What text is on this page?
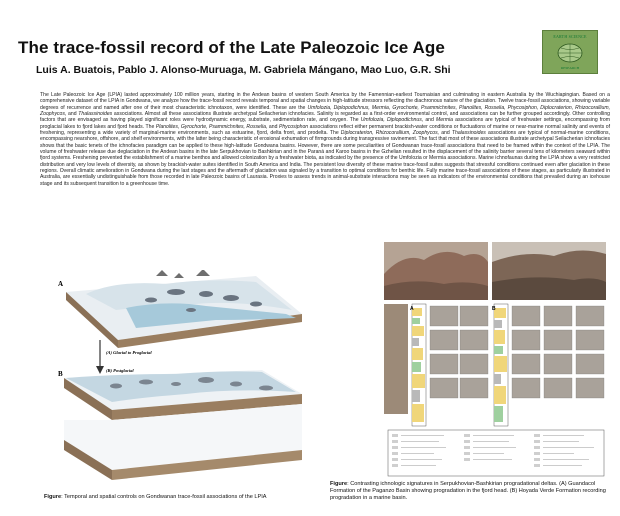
The trace-fossil record of the Late Paleozoic Ice Age
Luis A. Buatois, Pablo J. Alonso-Muruaga, M. Gabriela Mángano, Mao Luo, G.R. Shi
EARTH SCIENCE
RESEARCH
The Late Paleozoic Ice Age (LPIA) lasted approximately 100 million years, starting in the Andean basins of western South America by the Famennian-earliest Tournaisian and culminating in eastern Australia by the Wuchiapingian. Based on a comprehensive dataset of the LPIA in Gondwana, we analyze how the trace-fossil record reveals temporal and spatial changes in high-latitude stressors reflecting the diachronous nature of the glaciation. Twelve trace-fossil associations, showing variable degrees of recurrence and named after one of their most characteristic ichnotaxon, were identified. These are the Umfolozia, Diplopodichnus, Mermia, Gyrochorte, Psammichnites, Planolites, Rosselia, Phycosiphon, Diplocraterion, Rhizocorallium, Zoophycos, and Thalassinoides associations. Almost all these associations illustrate archetypal Seilacherian ichnofacies. Salinity is regarded as a first-order environmental control, and associations can be further grouped accordingly. Other controlling factors that are envisaged as having played significant roles were hydrodynamic energy, substrate, sedimentation rate, and oxygen. The Umfolozia, Diplopodichnus, and Mermia associations are typical of freshwater settings, encompassing from proglacial lakes to fjord lakes and fjord heads. The Planolites, Gyrochorte, Psammichnites, Rosselia, and Phycosiphon associations reflect either permanent brackish-water conditions or fluctuations of marine or near-marine normal salinity and events of freshening, representing a wide variety of marginal-marine environments, such as estuarine, fjord, delta front, and prodelta. The Diplocraterion, Rhizocorallium, Zoophycos, and Thalassinoides associations are typical of normal-marine conditions, encompassing nearshore, offshore, and shelf environments, with the latter being characteristic of erosional exhumation of firmgrounds during transgressive ravinement. The fact that most of these associations illustrate archetypal Seilacherian ichnofacies shows that the basic tenets of the ichnofacies paradigm can be applied to these high-latitude Gondwana basins. However, there are some peculiarities of Gondwanan trace-fossil associations that need to be framed within the context of the LPIA. The volume of freshwater release due deglaciation in the Andean basins in the late Serpukhovian to Bashkirian and in the Paraná and Karoo basins in the Gzhelian resulted in the displacement of the salinity barrier several tens of kilometers seaward within fjord systems. Freshening prevented the establishment of a marine benthos and allowed colonization by a freshwater biota, as indicated by the presence of the Umfolozia or Mermia associations. Marine ichnofaunas during the LPIA show a very restricted distribution and very low levels of diversity, as shown by brackish-water suites identified in South America and India. The persistent low diversity of these marine trace-fossil suites suggests that stressful conditions continued even after glaciation in these regions. Overall climatic amelioration in Gondwana during the last stages and the aftermath of glaciation was signaled by a transition to optimal conditions for benthic life. Fully marine trace-fossil associations of these stages, as particularly illustrated in Australia, are essentially undistinguishable from those recorded in late Paleozoic basins of Laurasia. Proxies to assess trends in animal-substrate interactions may be seen as indicators of the environmental conditions that prevailed during an icehouse stage and its subsequent transition to a greenhouse time.
A
(A) Glacial to Proglacial
(B) Postglacial
B
A	B
Figure: Temporal and spatial controls on Gondwanan trace-fossil associations of the LPIA
Figure: Contrasting ichnologic signatures in Serpukhovian-Bashkirian progradational deltas. (A) Guandacol Formation of the Paganzo Basin showing progradation in the fjord head. (B) Hoyada Verde Formation recording progradation in a marine basin.
